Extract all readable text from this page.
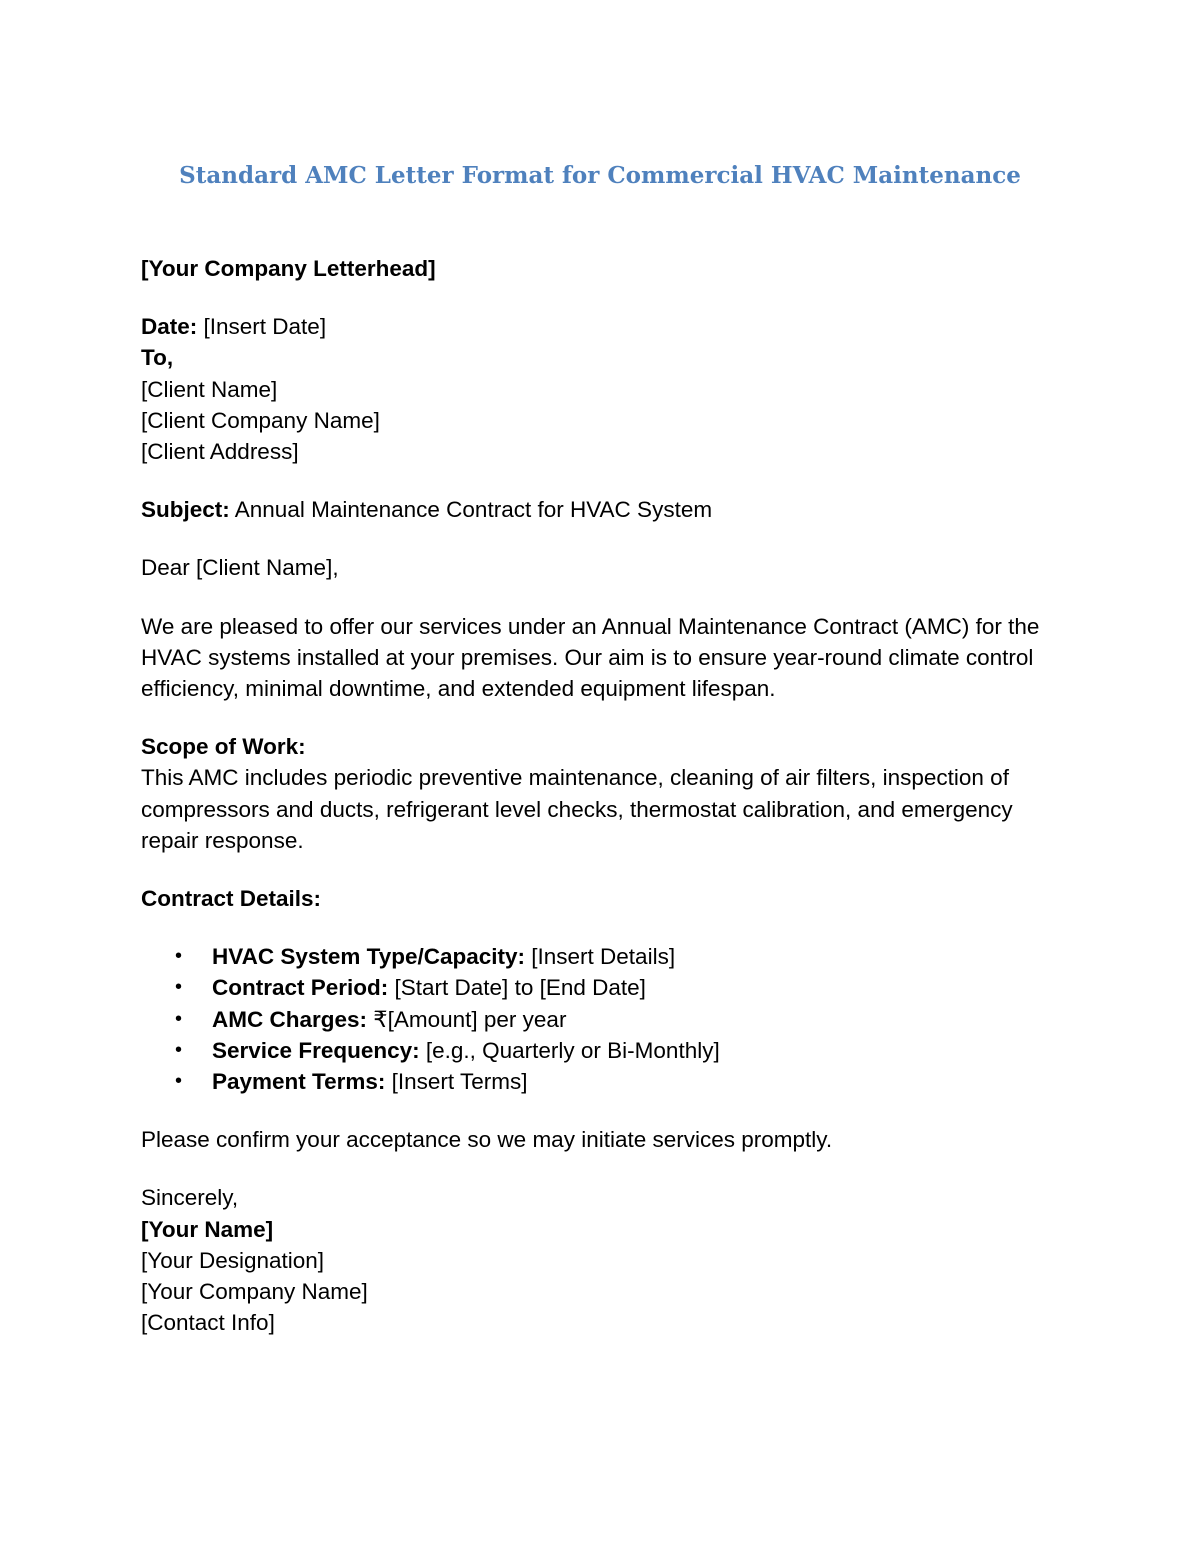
Standard AMC Letter Format for Commercial HVAC Maintenance

[Your Company Letterhead]

Date: [Insert Date]
To,
[Client Name]
[Client Company Name]
[Client Address]

Subject: Annual Maintenance Contract for HVAC System

Dear [Client Name],

We are pleased to offer our services under an Annual Maintenance Contract (AMC) for the HVAC systems installed at your premises. Our aim is to ensure year-round climate control efficiency, minimal downtime, and extended equipment lifespan.

Scope of Work:
This AMC includes periodic preventive maintenance, cleaning of air filters, inspection of compressors and ducts, refrigerant level checks, thermostat calibration, and emergency repair response.

Contract Details:

• HVAC System Type/Capacity: [Insert Details]
• Contract Period: [Start Date] to [End Date]
• AMC Charges: ₹[Amount] per year
• Service Frequency: [e.g., Quarterly or Bi-Monthly]
• Payment Terms: [Insert Terms]

Please confirm your acceptance so we may initiate services promptly.

Sincerely,
[Your Name]
[Your Designation]
[Your Company Name]
[Contact Info]
